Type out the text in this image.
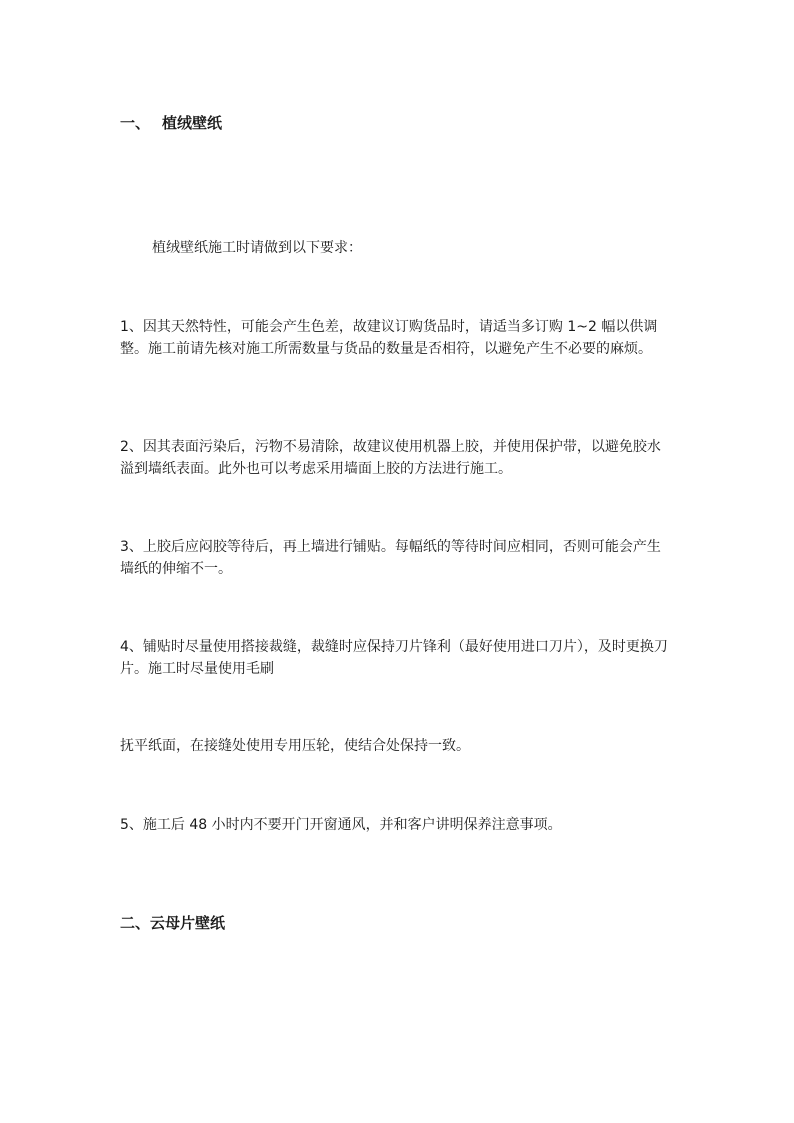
一、 植绒壁纸

植绒壁纸施工时请做到以下要求：

1、因其天然特性，可能会产生色差，故建议订购货品时，请适当多订购 1~2 幅以供调整。施工前请先核对施工所需数量与货品的数量是否相符，以避免产生不必要的麻烦。

2、因其表面污染后，污物不易清除，故建议使用机器上胶，并使用保护带，以避免胶水溢到墙纸表面。此外也可以考虑采用墙面上胶的方法进行施工。

3、上胶后应闷胶等待后，再上墙进行铺贴。每幅纸的等待时间应相同，否则可能会产生墙纸的伸缩不一。

4、铺贴时尽量使用搭接裁缝，裁缝时应保持刀片锋利（最好使用进口刀片），及时更换刀片。施工时尽量使用毛刷

抚平纸面，在接缝处使用专用压轮，使结合处保持一致。

5、施工后 48 小时内不要开门开窗通风，并和客户讲明保养注意事项。

二、云母片壁纸
